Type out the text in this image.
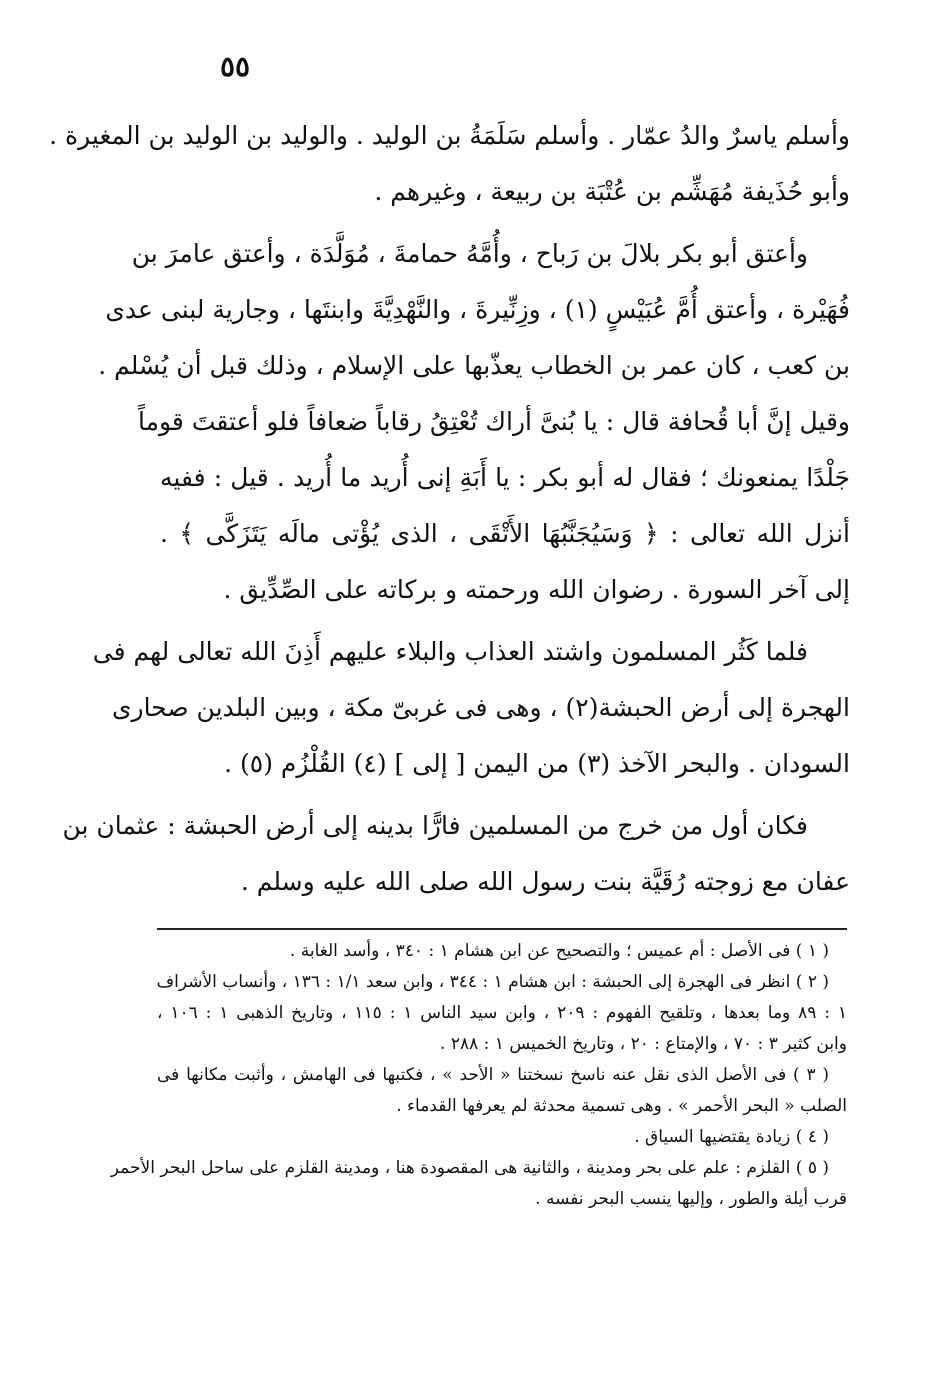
٥٥
وأسلم ياسرٌ والدُ عمّار . وأسلم سَلَمَةُ بن الوليد . والوليد بن الوليد بن المغيرة .
وأبو حُذَيفة مُهَشِّم بن عُتْبَة بن ربيعة ، وغيرهم .
وأعتق أبو بكر بلالَ بن رَباح ، وأُمَّهُ حمامةَ ، مُوَلَّدَة ، وأعتق عامرَ بن
فُهَيْرة ، وأعتق أُمَّ عُبَيْسٍ (١) ، وزِنِّيرةَ ، والنَّهْدِيَّةَ وابنتَها ، وجارية لبنى عدى
بن كعب ، كان عمر بن الخطاب يعذّبها على الإسلام ، وذلك قبل أن يُسْلم .
وقيل إنَّ أبا قُحافة قال : يا بُنىَّ أراك تُعْتِقُ رقاباً ضعافاً فلو أعتقتَ قوماً
جَلْدًا يمنعونك ؛ فقال له أبو بكر : يا أَبَةِ إنى أُريد ما أُريد . قيل : ففيه
أنزل الله تعالى : ﴿ وَسَيُجَنَّبُهَا الأَتْقَى ، الذى يُؤْتى مالَه يَتَزَكَّى ﴾ .
إلى آخر السورة . رضوان الله ورحمته و بركاته على الصِّدِّيق .
فلما كَثُر المسلمون واشتد العذاب والبلاء عليهم أَذِنَ الله تعالى لهم فى
الهجرة إلى أرض الحبشة(٢) ، وهى فى غربىّ مكة ، وبين البلدين صحارى
السودان . والبحر الآخذ (٣) من اليمن [ إلى ] (٤) القُلْزُم (٥) .
فكان أول من خرج من المسلمين فارًّا بدينه إلى أرض الحبشة : عثمان بن
عفان مع زوجته رُقَيَّة بنت رسول الله صلى الله عليه وسلم .
( ١ ) فى الأصل : أم عميس ؛ والتصحيح عن ابن هشام ١ : ٣٤٠ ، وأسد الغابة .
( ٢ ) انظر فى الهجرة إلى الحبشة : ابن هشام ١ : ٣٤٤ ، وابن سعد ١/١ : ١٣٦ ، وأنساب الأشراف
١ : ٨٩ وما بعدها ، وتلقيح الفهوم : ٢٠٩ ، وابن سيد الناس ١ : ١١٥ ، وتاريخ الذهبى ١ : ١٠٦ ،
وابن كثير ٣ : ٧٠ ، والإمتاع : ٢٠ ، وتاريخ الخميس ١ : ٢٨٨ .
( ٣ ) فى الأصل الذى نقل عنه ناسخ نسختنا « الأحد » ، فكتبها فى الهامش ، وأثبت مكانها فى
الصلب « البحر الأحمر » . وهى تسمية محدثة لم يعرفها القدماء .
( ٤ ) زيادة يقتضيها السياق .
( ٥ ) القلزم : علم على بحر ومدينة ، والثانية هى المقصودة هنا ، ومدينة القلزم على ساحل البحر الأحمر
قرب أيلة والطور ، وإليها ينسب البحر نفسه .
